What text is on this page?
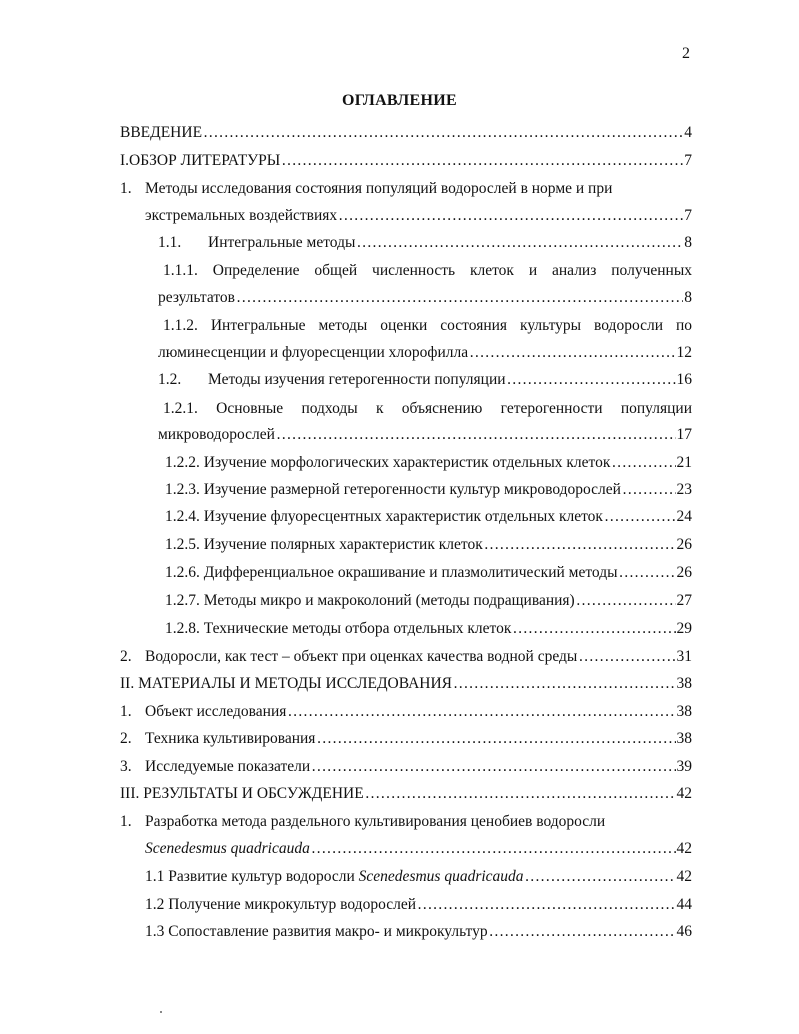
2
ОГЛАВЛЕНИЕ
ВВЕДЕНИЕ ………………………………………………………………………………………………………………………………………………………	4
I.ОБЗОР ЛИТЕРАТУРЫ ………………………………………………………………………………………………………………………………………………………	7
1. Методы исследования состояния популяций водорослей в норме и при
экстремальных воздействиях ………………………………………………………………………………………………………………………………………………………	7
1.1. Интегральные методы ………………………………………………………………………………………………………………………………………………………	8
1.1.1. Определение общей численность клеток и анализ полученных
результатов ………………………………………………………………………………………………………………………………………………………	8
1.1.2. Интегральные методы оценки состояния культуры водоросли по
люминесценции и флуоресценции хлорофилла ………………………………………………………………………………………………………………………………………………………	12
1.2. Методы изучения гетерогенности популяции ………………………………………………………………………………………………………………………………………………………	16
1.2.1. Основные подходы к объяснению гетерогенности популяции
микроводорослей ………………………………………………………………………………………………………………………………………………………	17
1.2.2. Изучение морфологических характеристик отдельных клеток ………………………………………………………………………………………………………………………………………………………	21
1.2.3. Изучение размерной гетерогенности культур микроводорослей ………………………………………………………………………………………………………………………………………………………	23
1.2.4. Изучение флуоресцентных характеристик отдельных клеток ………………………………………………………………………………………………………………………………………………………	24
1.2.5. Изучение полярных характеристик клеток ………………………………………………………………………………………………………………………………………………………	26
1.2.6. Дифференциальное окрашивание и плазмолитический методы ………………………………………………………………………………………………………………………………………………………	26
1.2.7. Методы микро и макроколоний (методы подращивания) ………………………………………………………………………………………………………………………………………………………	27
1.2.8. Технические методы отбора отдельных клеток ………………………………………………………………………………………………………………………………………………………	29
2. Водоросли, как тест – объект при оценках качества водной среды ………………………………………………………………………………………………………………………………………………………	31
II. МАТЕРИАЛЫ И МЕТОДЫ ИССЛЕДОВАНИЯ ………………………………………………………………………………………………………………………………………………………	38
1. Объект исследования ………………………………………………………………………………………………………………………………………………………	38
2. Техника культивирования ………………………………………………………………………………………………………………………………………………………	38
3. Исследуемые показатели ………………………………………………………………………………………………………………………………………………………	39
III. РЕЗУЛЬТАТЫ И ОБСУЖДЕНИЕ ………………………………………………………………………………………………………………………………………………………	42
1. Разработка метода раздельного культивирования ценобиев водоросли
Scenedesmus quadricauda ………………………………………………………………………………………………………………………………………………………	42
1.1 Развитие культур водоросли Scenedesmus quadricauda ………………………………………………………………………………………………………………………………………………………	42
1.2 Получение микрокультур водорослей ………………………………………………………………………………………………………………………………………………………	44
1.3 Сопоставление развития макро- и микрокультур ………………………………………………………………………………………………………………………………………………………	46
